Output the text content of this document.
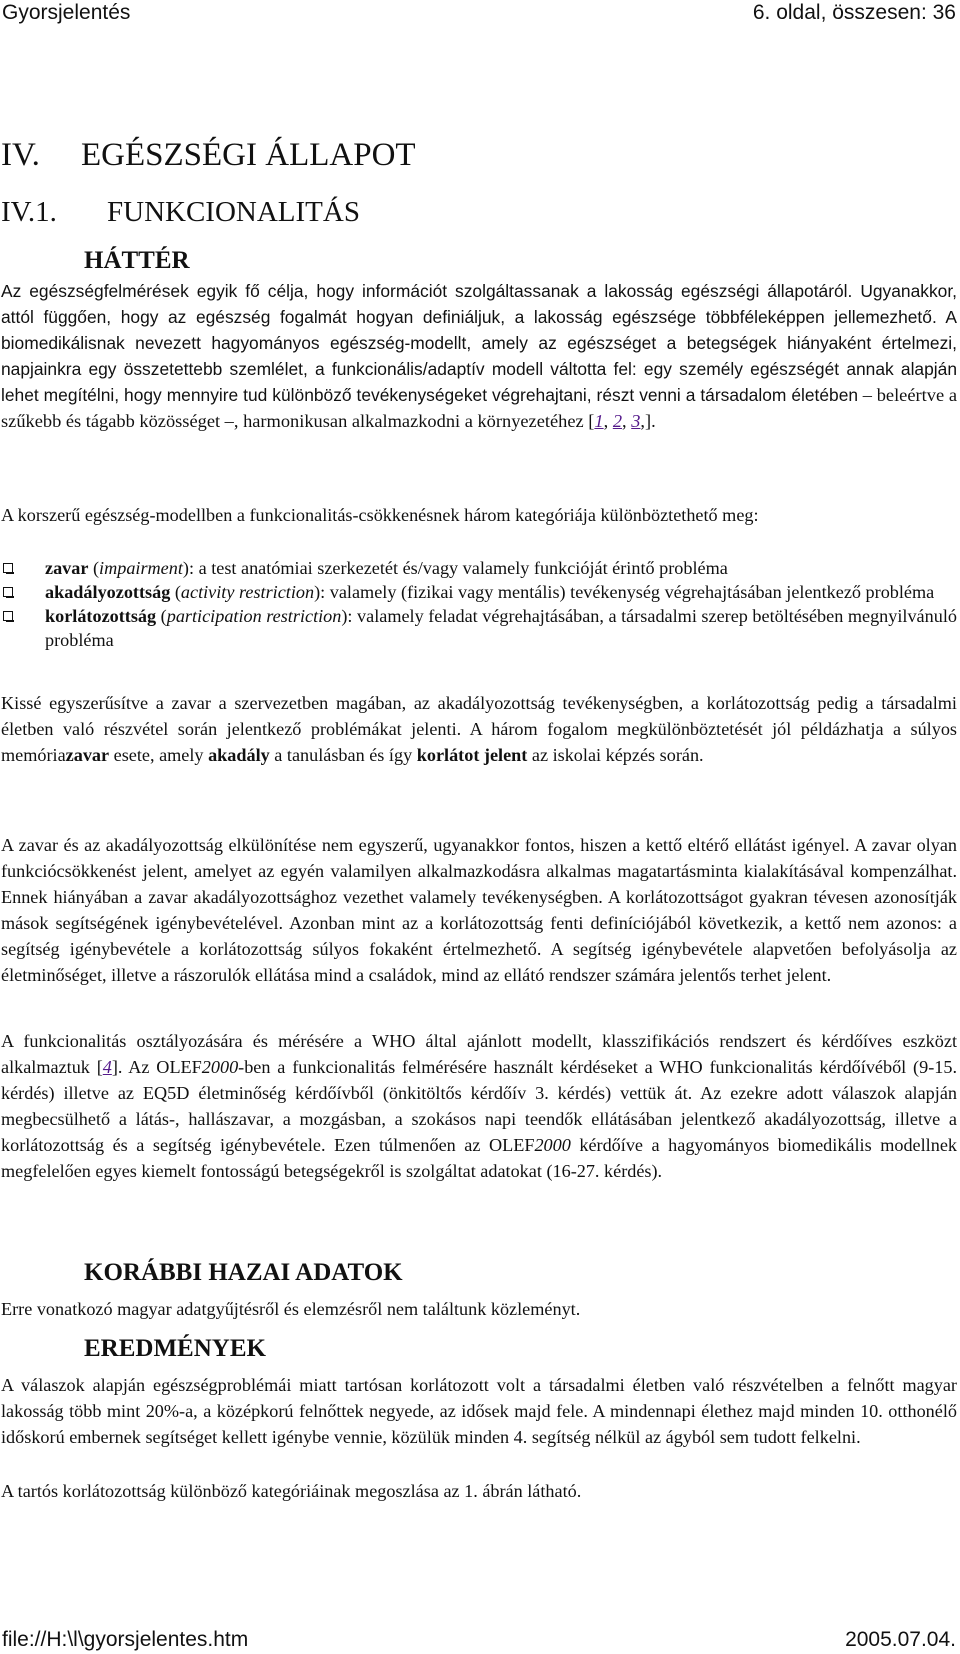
Gyorsjelentés	6. oldal, összesen: 36
IV. EGÉSZSÉGI ÁLLAPOT
IV.1. FUNKCIONALITÁS
HÁTTÉR
Az egészségfelmérések egyik fő célja, hogy információt szolgáltassanak a lakosság egészségi állapotáról. Ugyanakkor, attól függően, hogy az egészség fogalmát hogyan definiáljuk, a lakosság egészsége többféleképpen jellemezhető. A biomedikálisnak nevezett hagyományos egészség-modellt, amely az egészséget a betegségek hiányaként értelmezi, napjainkra egy összetettebb szemlélet, a funkcionális/adaptív modell váltotta fel: egy személy egészségét annak alapján lehet megítélni, hogy mennyire tud különböző tevékenységeket végrehajtani, részt venni a társadalom életében – beleértve a szűkebb és tágabb közösséget –, harmonikusan alkalmazkodni a környezetéhez [1, 2, 3,].
A korszerű egészség-modellben a funkcionalitás-csökkenésnek három kategóriája különböztethető meg:
zavar (impairment): a test anatómiai szerkezetét és/vagy valamely funkcióját érintő probléma
akadályozottság (activity restriction): valamely (fizikai vagy mentális) tevékenység végrehajtásában jelentkező probléma
korlátozottság (participation restriction): valamely feladat végrehajtásában, a társadalmi szerep betöltésében megnyilvánuló probléma
Kissé egyszerűsítve a zavar a szervezetben magában, az akadályozottság tevékenységben, a korlátozottság pedig a társadalmi életben való részvétel során jelentkező problémákat jelenti. A három fogalom megkülönböztetését jól példázhatja a súlyos memóriazavar esete, amely akadály a tanulásban és így korlátot jelent az iskolai képzés során.
A zavar és az akadályozottság elkülönítése nem egyszerű, ugyanakkor fontos, hiszen a kettő eltérő ellátást igényel. A zavar olyan funkciócsökkenést jelent, amelyet az egyén valamilyen alkalmazkodásra alkalmas magatartásminta kialakításával kompenzálhat. Ennek hiányában a zavar akadályozottsághoz vezethet valamely tevékenységben. A korlátozottságot gyakran tévesen azonosítják mások segítségének igénybevételével. Azonban mint az a korlátozottság fenti definíciójából következik, a kettő nem azonos: a segítség igénybevétele a korlátozottság súlyos fokaként értelmezhető. A segítség igénybevétele alapvetően befolyásolja az életminőséget, illetve a rászorulók ellátása mind a családok, mind az ellátó rendszer számára jelentős terhet jelent.
A funkcionalitás osztályozására és mérésére a WHO által ajánlott modellt, klasszifikációs rendszert és kérdőíves eszközt alkalmaztuk [4]. Az OLEF2000-ben a funkcionalitás felmérésére használt kérdéseket a WHO funkcionalitás kérdőívéből (9-15. kérdés) illetve az EQ5D életminőség kérdőívből (önkitöltős kérdőív 3. kérdés) vettük át. Az ezekre adott válaszok alapján megbecsülhető a látás-, hallászavar, a mozgásban, a szokásos napi teendők ellátásában jelentkező akadályozottság, illetve a korlátozottság és a segítség igénybevétele. Ezen túlmenően az OLEF2000 kérdőíve a hagyományos biomedikális modellnek megfelelően egyes kiemelt fontosságú betegségekről is szolgáltat adatokat (16-27. kérdés).
KORÁBBI HAZAI ADATOK
Erre vonatkozó magyar adatgyűjtésről és elemzésről nem találtunk közleményt.
EREDMÉNYEK
A válaszok alapján egészségproblémái miatt tartósan korlátozott volt a társadalmi életben való részvételben a felnőtt magyar lakosság több mint 20%-a, a középkorú felnőttek negyede, az idősek majd fele. A mindennapi élethez majd minden 10. otthonélő időskorú embernek segítséget kellett igénybe vennie, közülük minden 4. segítség nélkül az ágyból sem tudott felkelni.
A tartós korlátozottság különböző kategóriáinak megoszlása az 1. ábrán látható.
file://H:\l\gyorsjelentes.htm	2005.07.04.
